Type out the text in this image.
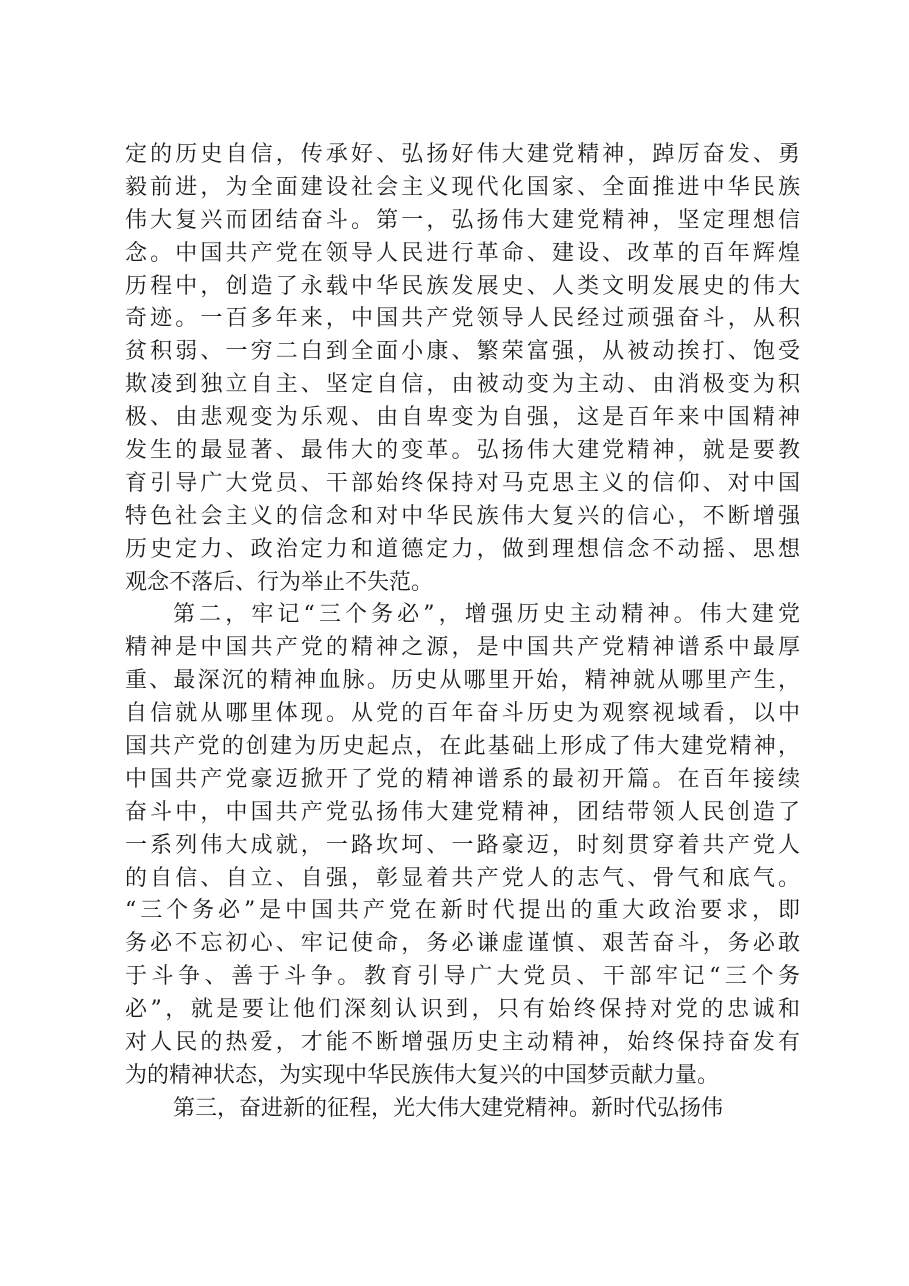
定的历史自信，传承好、弘扬好伟大建党精神，踔厉奋发、勇
毅前进，为全面建设社会主义现代化国家、全面推进中华民族
伟大复兴而团结奋斗。第一，弘扬伟大建党精神，坚定理想信
念。中国共产党在领导人民进行革命、建设、改革的百年辉煌
历程中，创造了永载中华民族发展史、人类文明发展史的伟大
奇迹。一百多年来，中国共产党领导人民经过顽强奋斗，从积
贫积弱、一穷二白到全面小康、繁荣富强，从被动挨打、饱受
欺凌到独立自主、坚定自信，由被动变为主动、由消极变为积
极、由悲观变为乐观、由自卑变为自强，这是百年来中国精神
发生的最显著、最伟大的变革。弘扬伟大建党精神，就是要教
育引导广大党员、干部始终保持对马克思主义的信仰、对中国
特色社会主义的信念和对中华民族伟大复兴的信心，不断增强
历史定力、政治定力和道德定力，做到理想信念不动摇、思想
观念不落后、行为举止不失范。
第二，牢记“三个务必”，增强历史主动精神。伟大建党
精神是中国共产党的精神之源，是中国共产党精神谱系中最厚
重、最深沉的精神血脉。历史从哪里开始，精神就从哪里产生，
自信就从哪里体现。从党的百年奋斗历史为观察视域看，以中
国共产党的创建为历史起点，在此基础上形成了伟大建党精神，
中国共产党豪迈掀开了党的精神谱系的最初开篇。在百年接续
奋斗中，中国共产党弘扬伟大建党精神，团结带领人民创造了
一系列伟大成就，一路坎坷、一路豪迈，时刻贯穿着共产党人
的自信、自立、自强，彰显着共产党人的志气、骨气和底气。
“三个务必”是中国共产党在新时代提出的重大政治要求，即
务必不忘初心、牢记使命，务必谦虚谨慎、艰苦奋斗，务必敢
于斗争、善于斗争。教育引导广大党员、干部牢记“三个务
必”，就是要让他们深刻认识到，只有始终保持对党的忠诚和
对人民的热爱，才能不断增强历史主动精神，始终保持奋发有
为的精神状态，为实现中华民族伟大复兴的中国梦贡献力量。
第三，奋进新的征程，光大伟大建党精神。新时代弘扬伟
